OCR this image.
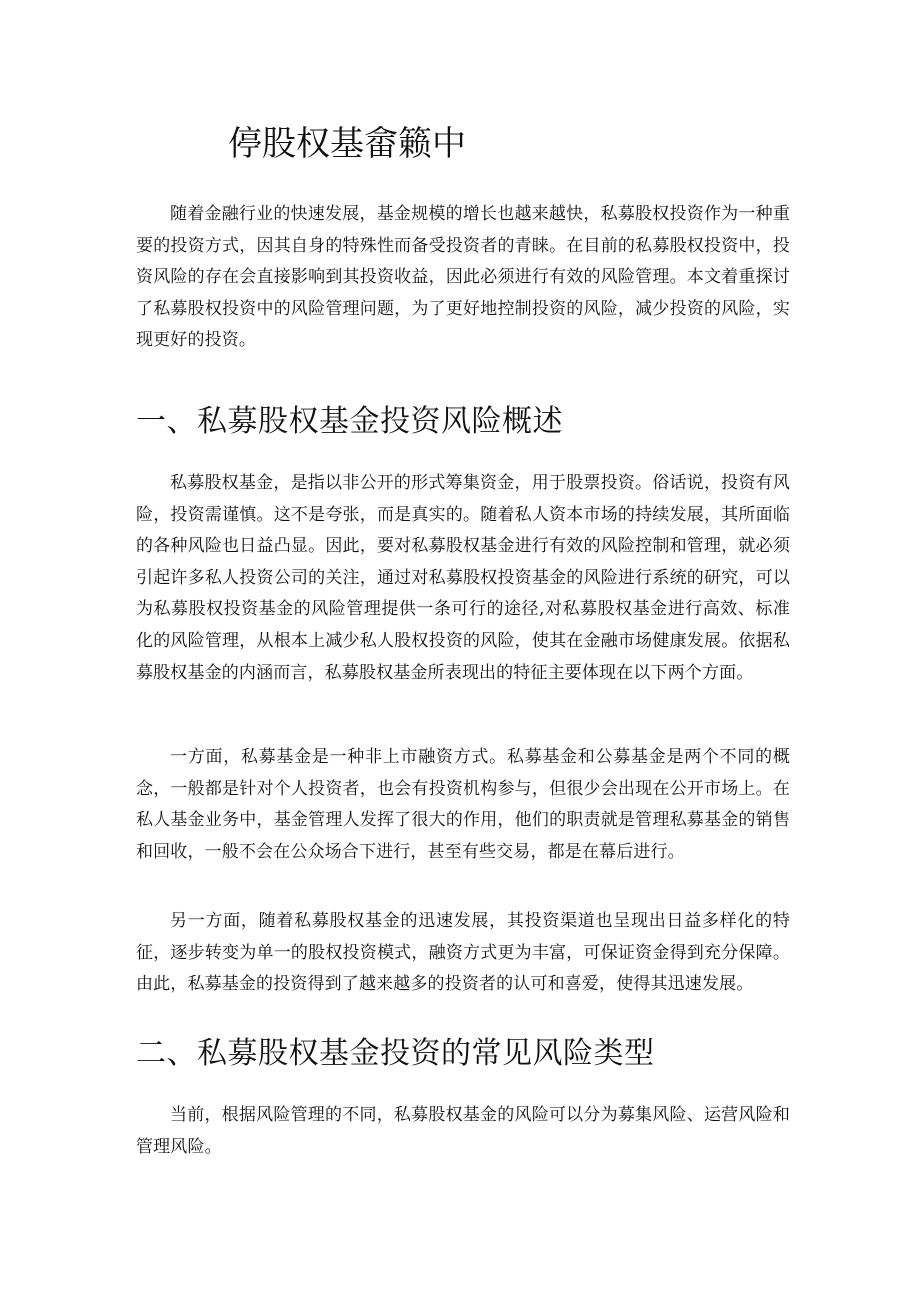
停股权基畲籁中

随着金融行业的快速发展，基金规模的增长也越来越快，私募股权投资作为一种重要的投资方式，因其自身的特殊性而备受投资者的青睐。在目前的私募股权投资中，投资风险的存在会直接影响到其投资收益，因此必须进行有效的风险管理。本文着重探讨了私募股权投资中的风险管理问题，为了更好地控制投资的风险，减少投资的风险，实现更好的投资。

一、私募股权基金投资风险概述

私募股权基金，是指以非公开的形式筹集资金，用于股票投资。俗话说，投资有风险，投资需谨慎。这不是夸张，而是真实的。随着私人资本市场的持续发展，其所面临的各种风险也日益凸显。因此，要对私募股权基金进行有效的风险控制和管理，就必须引起许多私人投资公司的关注，通过对私募股权投资基金的风险进行系统的研究，可以为私募股权投资基金的风险管理提供一条可行的途径,对私募股权基金进行高效、标准化的风险管理，从根本上减少私人股权投资的风险，使其在金融市场健康发展。依据私募股权基金的内涵而言，私募股权基金所表现出的特征主要体现在以下两个方面。

一方面，私募基金是一种非上市融资方式。私募基金和公募基金是两个不同的概念，一般都是针对个人投资者，也会有投资机构参与，但很少会出现在公开市场上。在私人基金业务中，基金管理人发挥了很大的作用，他们的职责就是管理私募基金的销售和回收，一般不会在公众场合下进行，甚至有些交易，都是在幕后进行。

另一方面，随着私募股权基金的迅速发展，其投资渠道也呈现出日益多样化的特征，逐步转变为单一的股权投资模式，融资方式更为丰富，可保证资金得到充分保障。由此，私募基金的投资得到了越来越多的投资者的认可和喜爱，使得其迅速发展。

二、私募股权基金投资的常见风险类型

当前，根据风险管理的不同，私募股权基金的风险可以分为募集风险、运营风险和管理风险。
